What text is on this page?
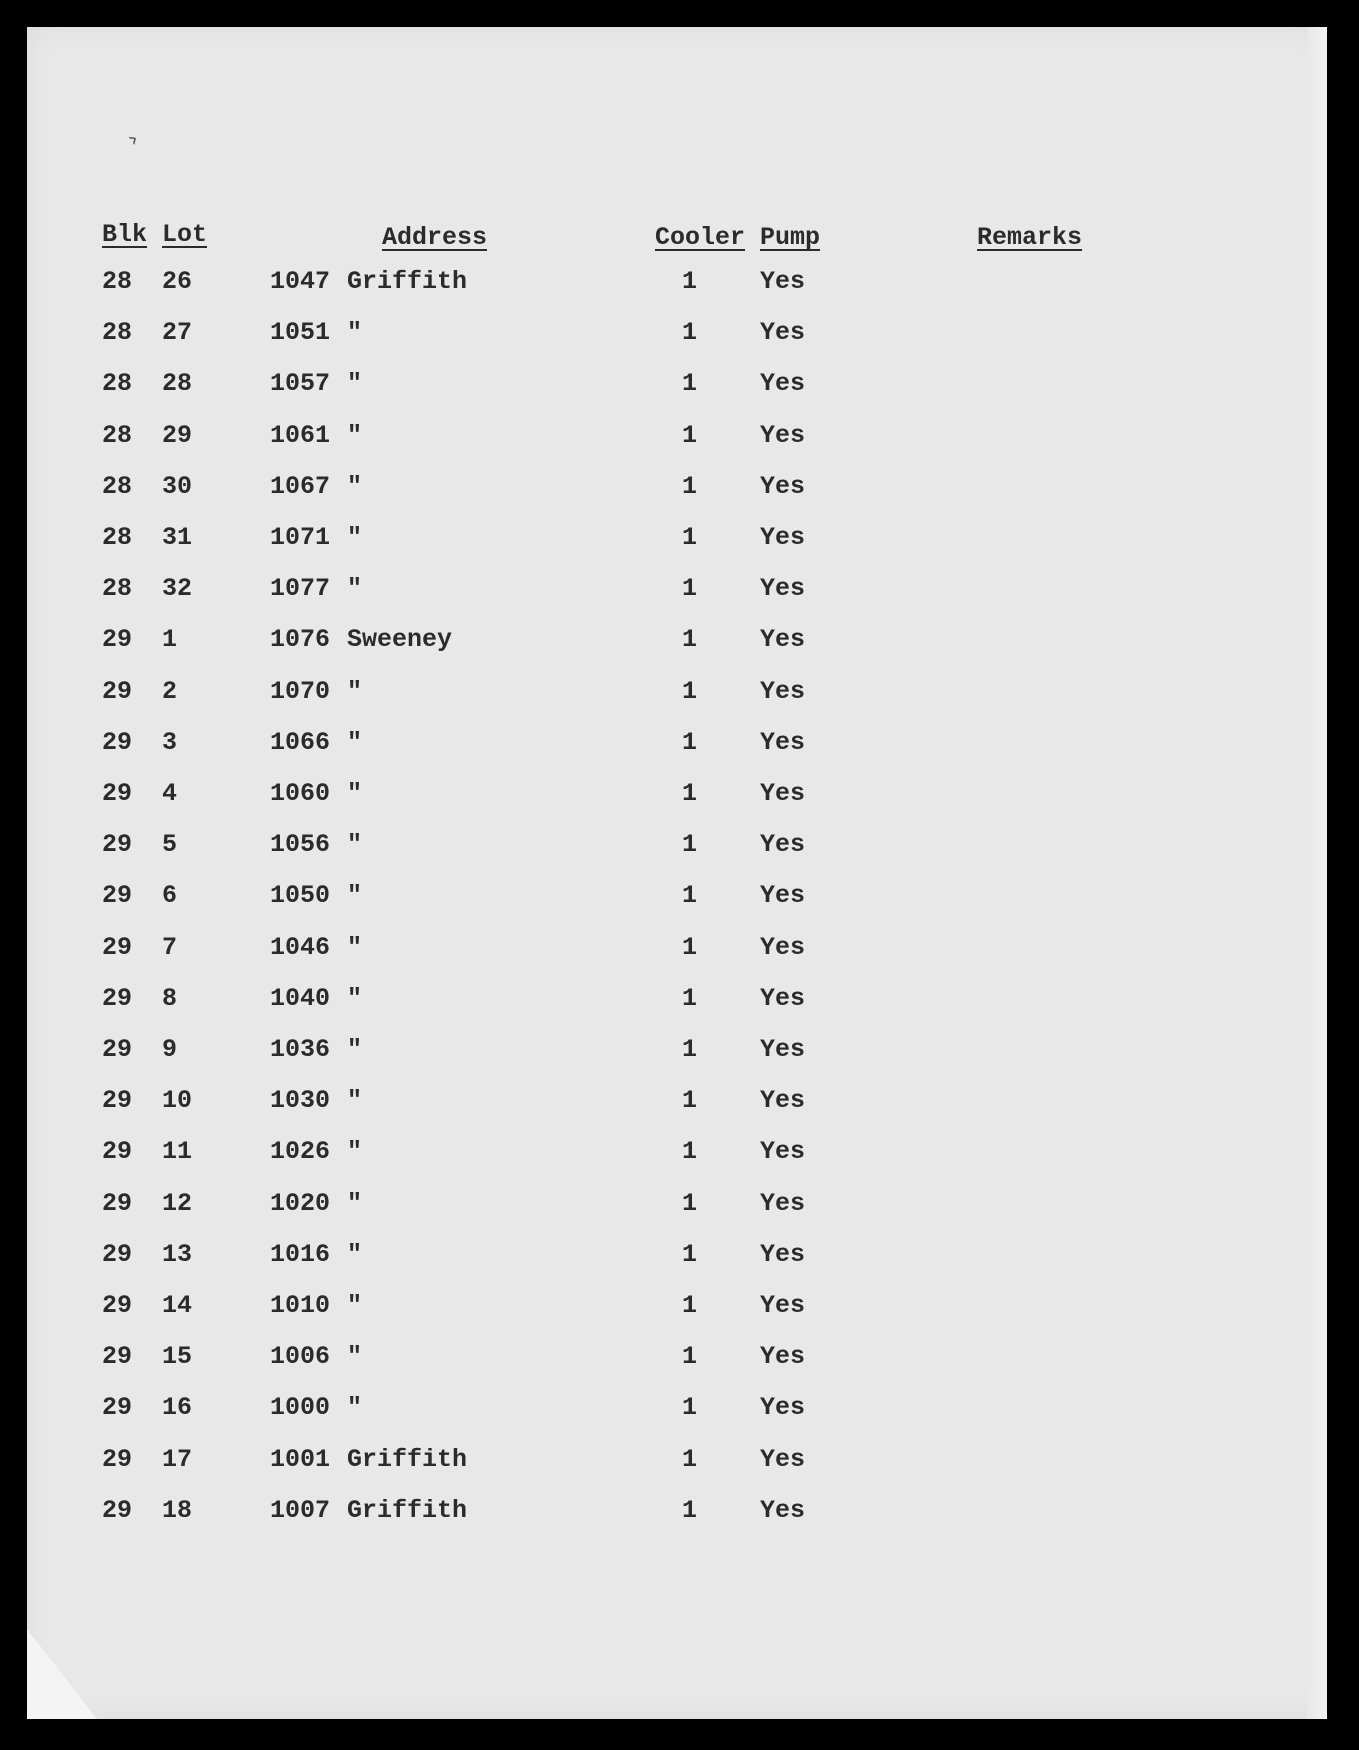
›
Blk Lot	Address	Cooler Pump	Remarks
28 26	1047 Griffith	1	Yes
28 27	1051 "	1	Yes
28 28	1057 "	1	Yes
28 29	1061 "	1	Yes
28 30	1067 "	1	Yes
28 31	1071 "	1	Yes
28 32	1077 "	1	Yes
29 1	1076 Sweeney	1	Yes
29 2	1070 "	1	Yes
29 3	1066 "	1	Yes
29 4	1060 "	1	Yes
29 5	1056 "	1	Yes
29 6	1050 "	1	Yes
29 7	1046 "	1	Yes
29 8	1040 "	1	Yes
29 9	1036 "	1	Yes
29 10	1030 "	1	Yes
29 11	1026 "	1	Yes
29 12	1020 "	1	Yes
29 13	1016 "	1	Yes
29 14	1010 "	1	Yes
29 15	1006 "	1	Yes
29 16	1000 "	1	Yes
29 17	1001 Griffith	1	Yes
29 18	1007 Griffith	1	Yes
